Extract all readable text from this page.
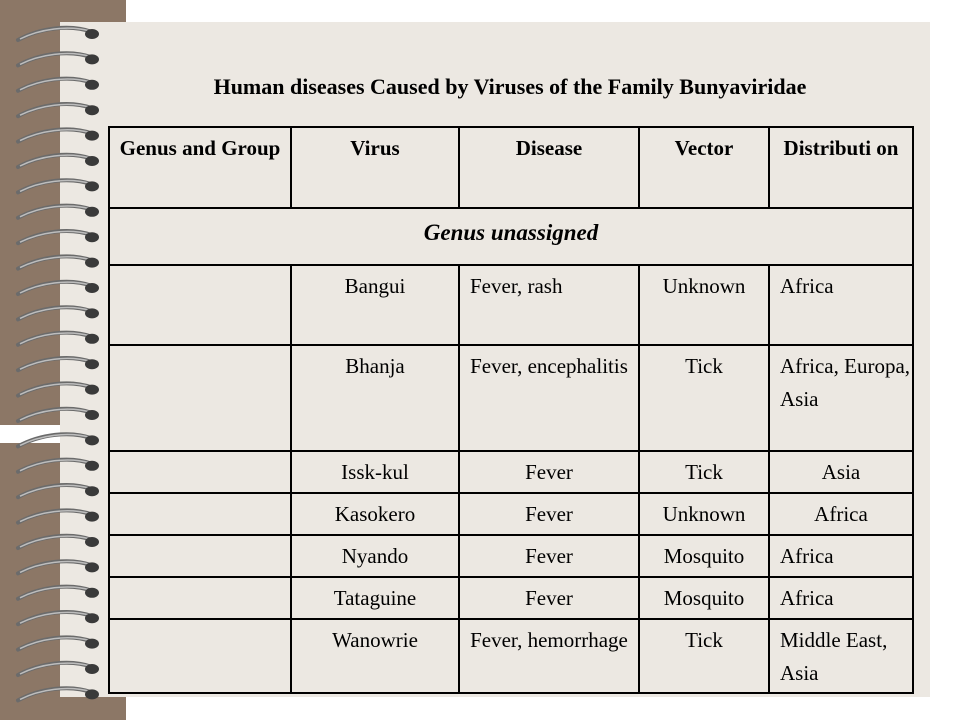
Human diseases Caused by Viruses of the Family Bunyaviridae
Genus and Group	Virus	Disease	Vector	Distributi on

Genus unassigned				

	Bangui	Fever, rash	Unknown	Africa

	Bhanja	Fever, encephalitis	Tick	Africa, Europa, Asia

	Issk-kul	Fever	Tick	Asia

	Kasokero	Fever	Unknown	Africa

	Nyando	Fever	Mosquito	Africa

	Tataguine	Fever	Mosquito	Africa

	Wanowrie	Fever, hemorrhage	Tick	Middle East, Asia
